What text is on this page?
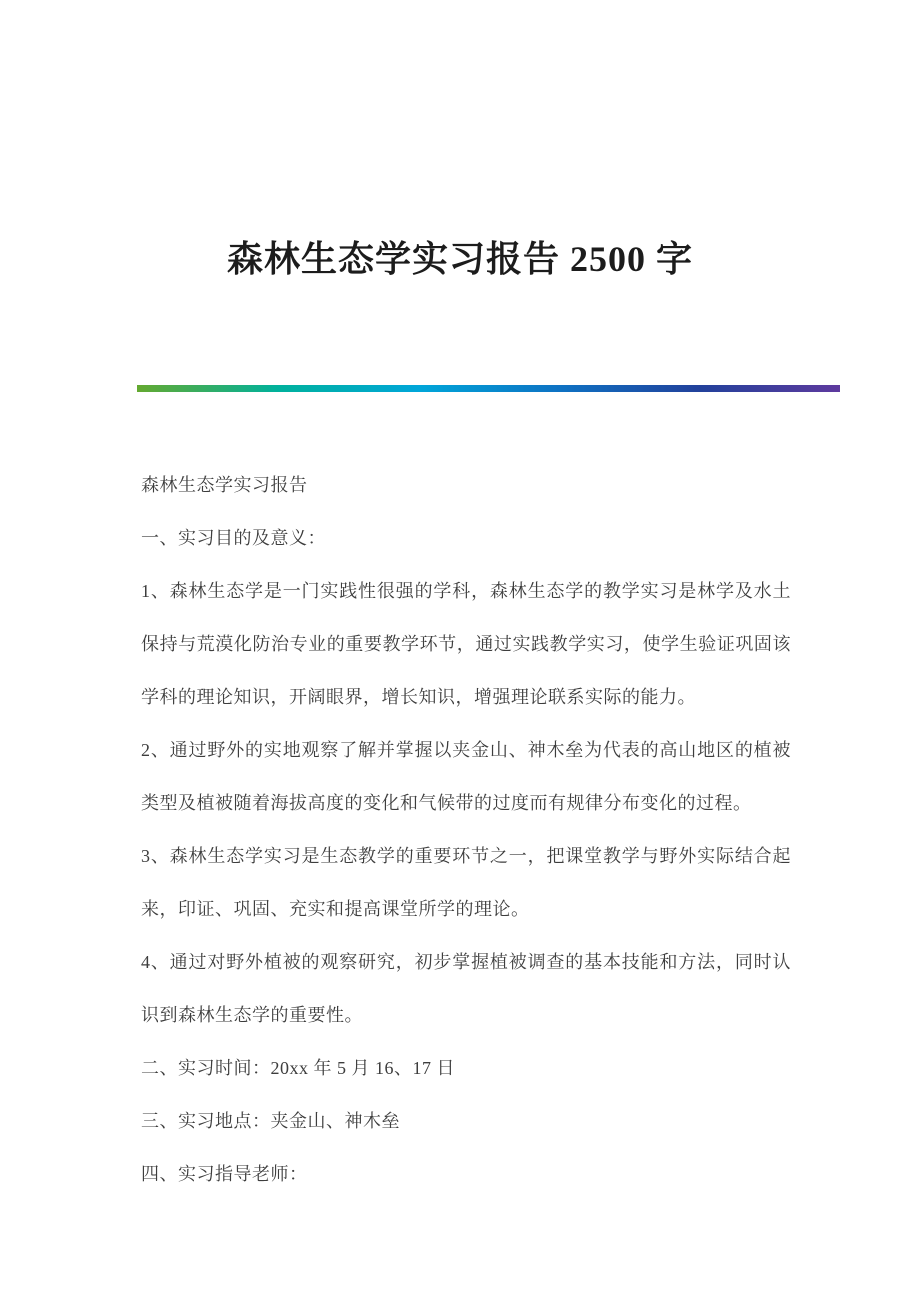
森林生态学实习报告 2500 字

森林生态学实习报告

一、实习目的及意义：

1、森林生态学是一门实践性很强的学科，森林生态学的教学实习是林学及水土保持与荒漠化防治专业的重要教学环节，通过实践教学实习，使学生验证巩固该学科的理论知识，开阔眼界，增长知识，增强理论联系实际的能力。

2、通过野外的实地观察了解并掌握以夹金山、神木垒为代表的高山地区的植被类型及植被随着海拔高度的变化和气候带的过度而有规律分布变化的过程。

3、森林生态学实习是生态教学的重要环节之一，把课堂教学与野外实际结合起来，印证、巩固、充实和提高课堂所学的理论。

4、通过对野外植被的观察研究，初步掌握植被调查的基本技能和方法，同时认识到森林生态学的重要性。

二、实习时间：20xx 年 5 月 16、17 日

三、实习地点：夹金山、神木垒

四、实习指导老师：
